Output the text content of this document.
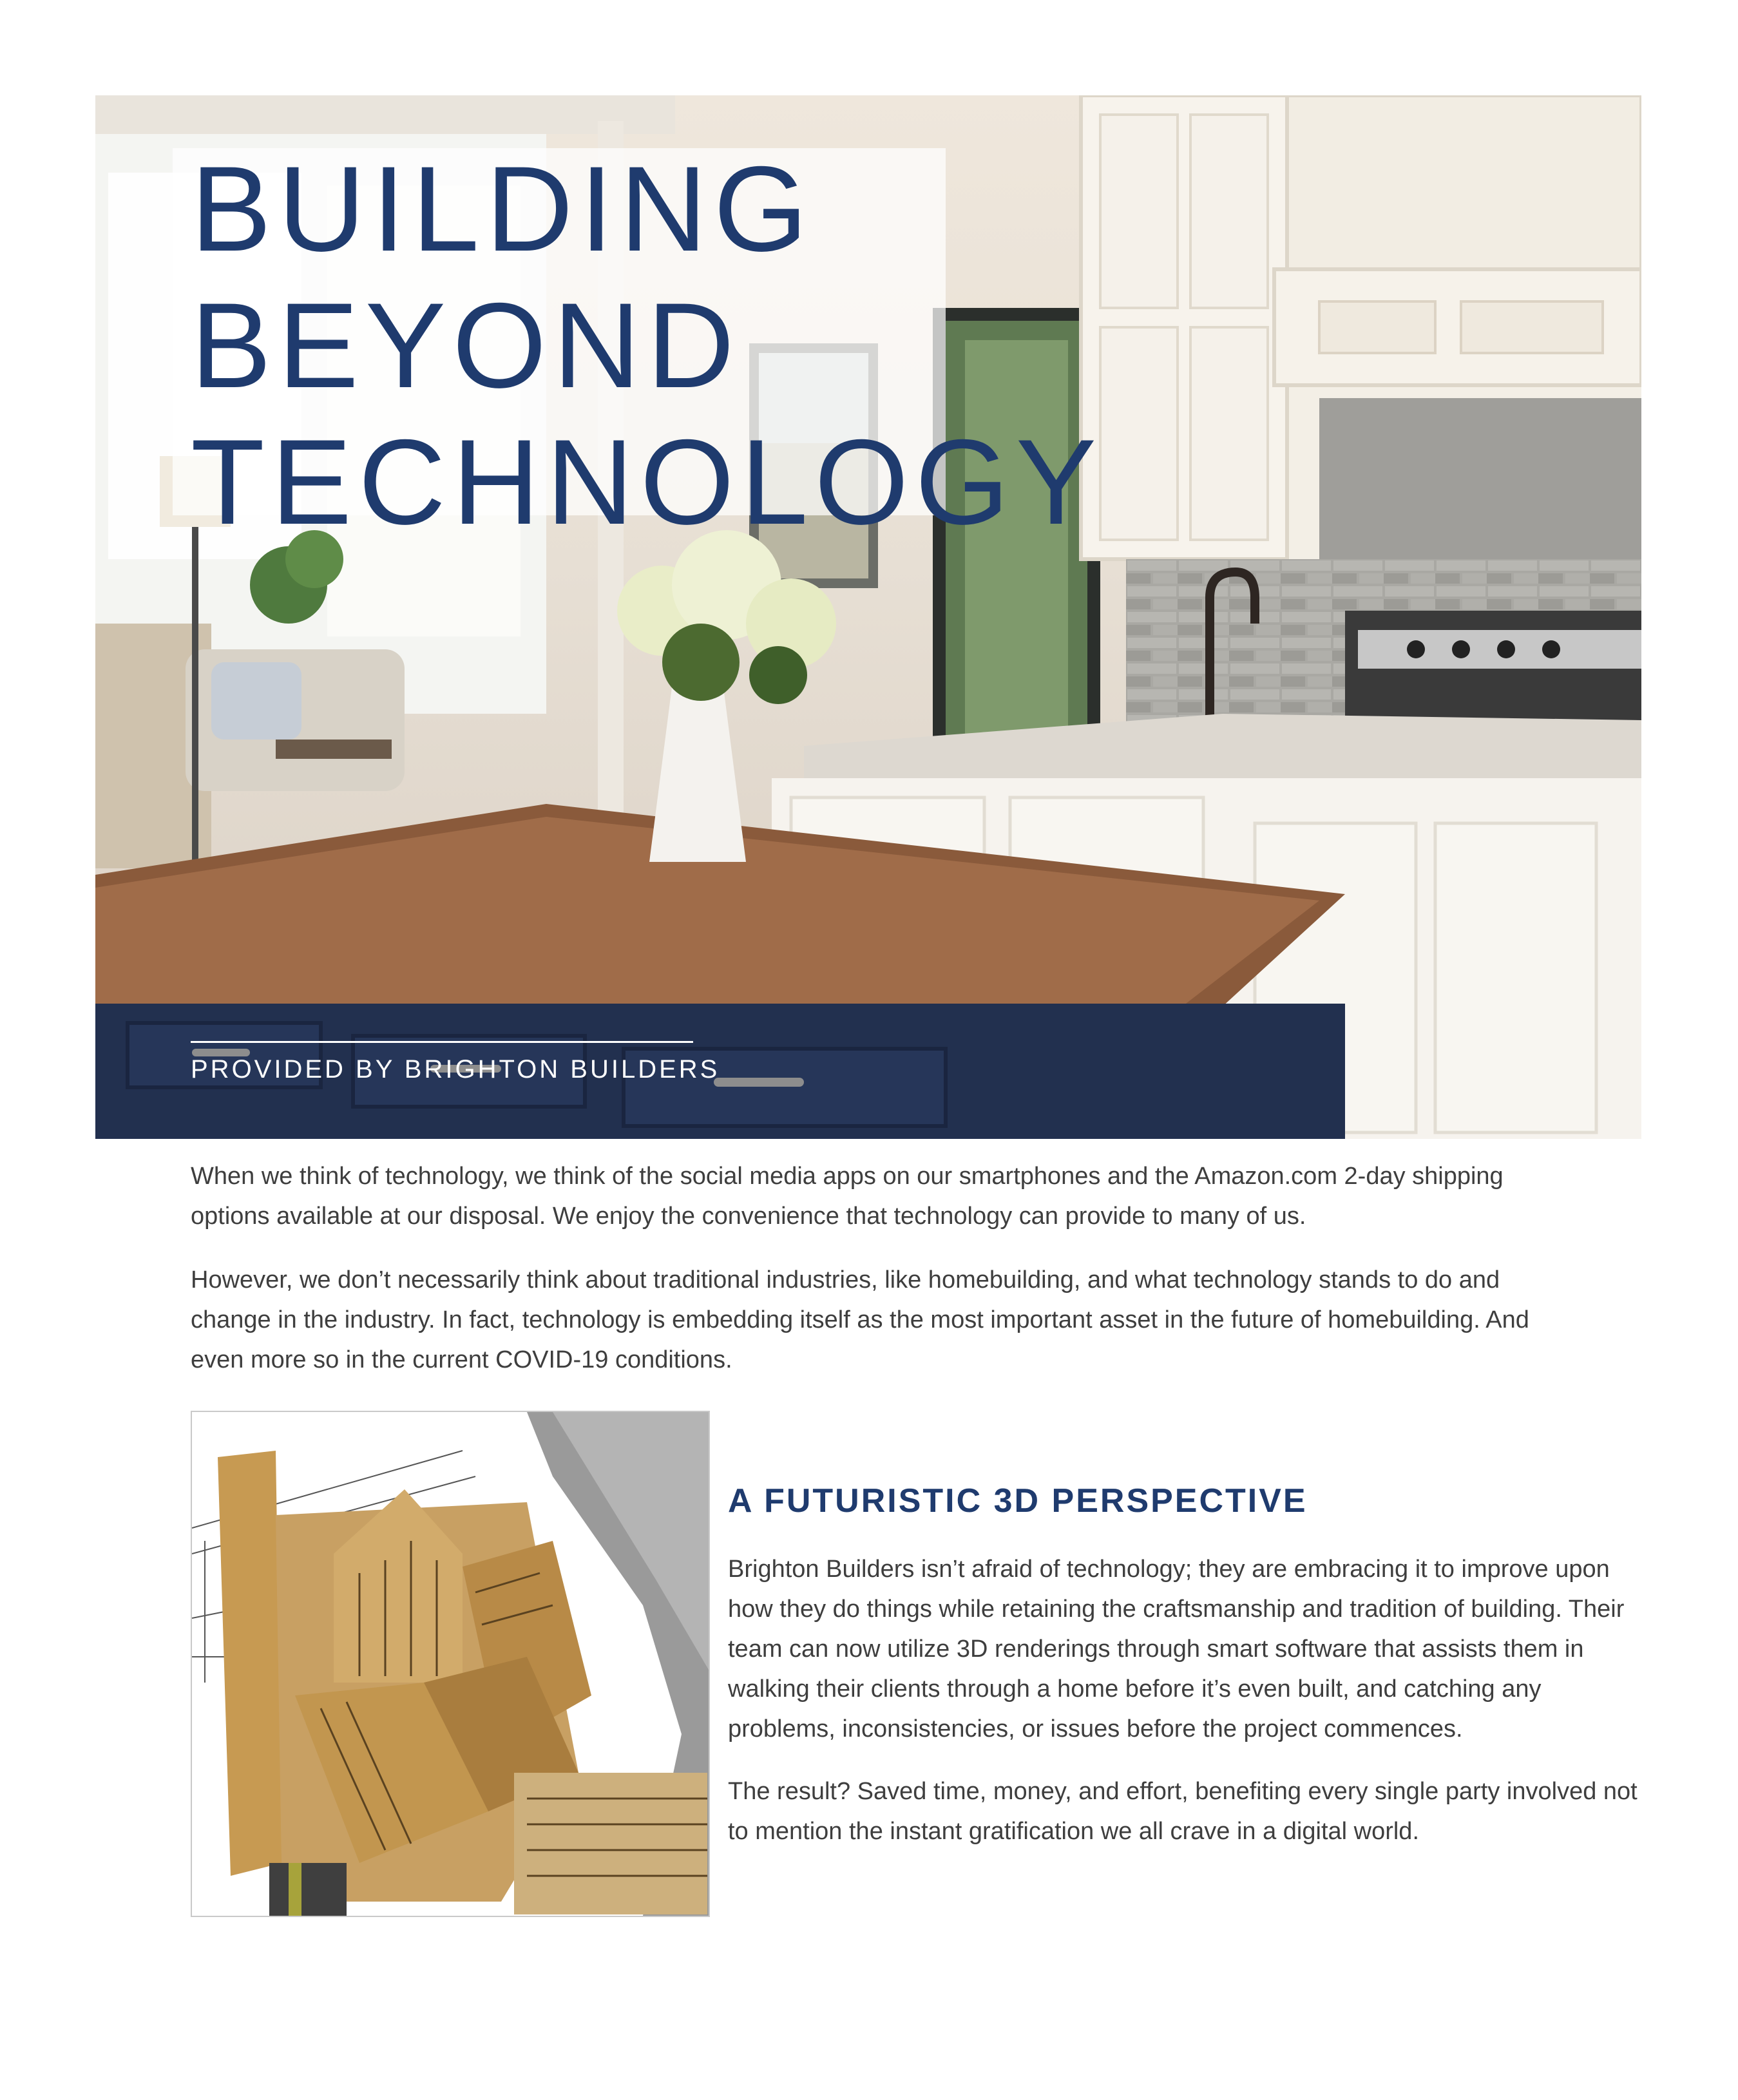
BUILDING
BEYOND
TECHNOLOGY
PROVIDED BY BRIGHTON BUILDERS

When we think of technology, we think of the social media apps on our smartphones and the Amazon.com 2-day shipping options available at our disposal. We enjoy the convenience that technology can provide to many of us.

However, we don’t necessarily think about traditional industries, like homebuilding, and what technology stands to do and change in the industry. In fact, technology is embedding itself as the most important asset in the future of homebuilding. And even more so in the current COVID-19 conditions.

A FUTURISTIC 3D PERSPECTIVE

Brighton Builders isn’t afraid of technology; they are embracing it to improve upon how they do things while retaining the craftsmanship and tradition of building. Their team can now utilize 3D renderings through smart software that assists them in walking their clients through a home before it’s even built, and catching any problems, inconsistencies, or issues before the project commences.

The result? Saved time, money, and effort, benefiting every single party involved not to mention the instant gratification we all crave in a digital world.
